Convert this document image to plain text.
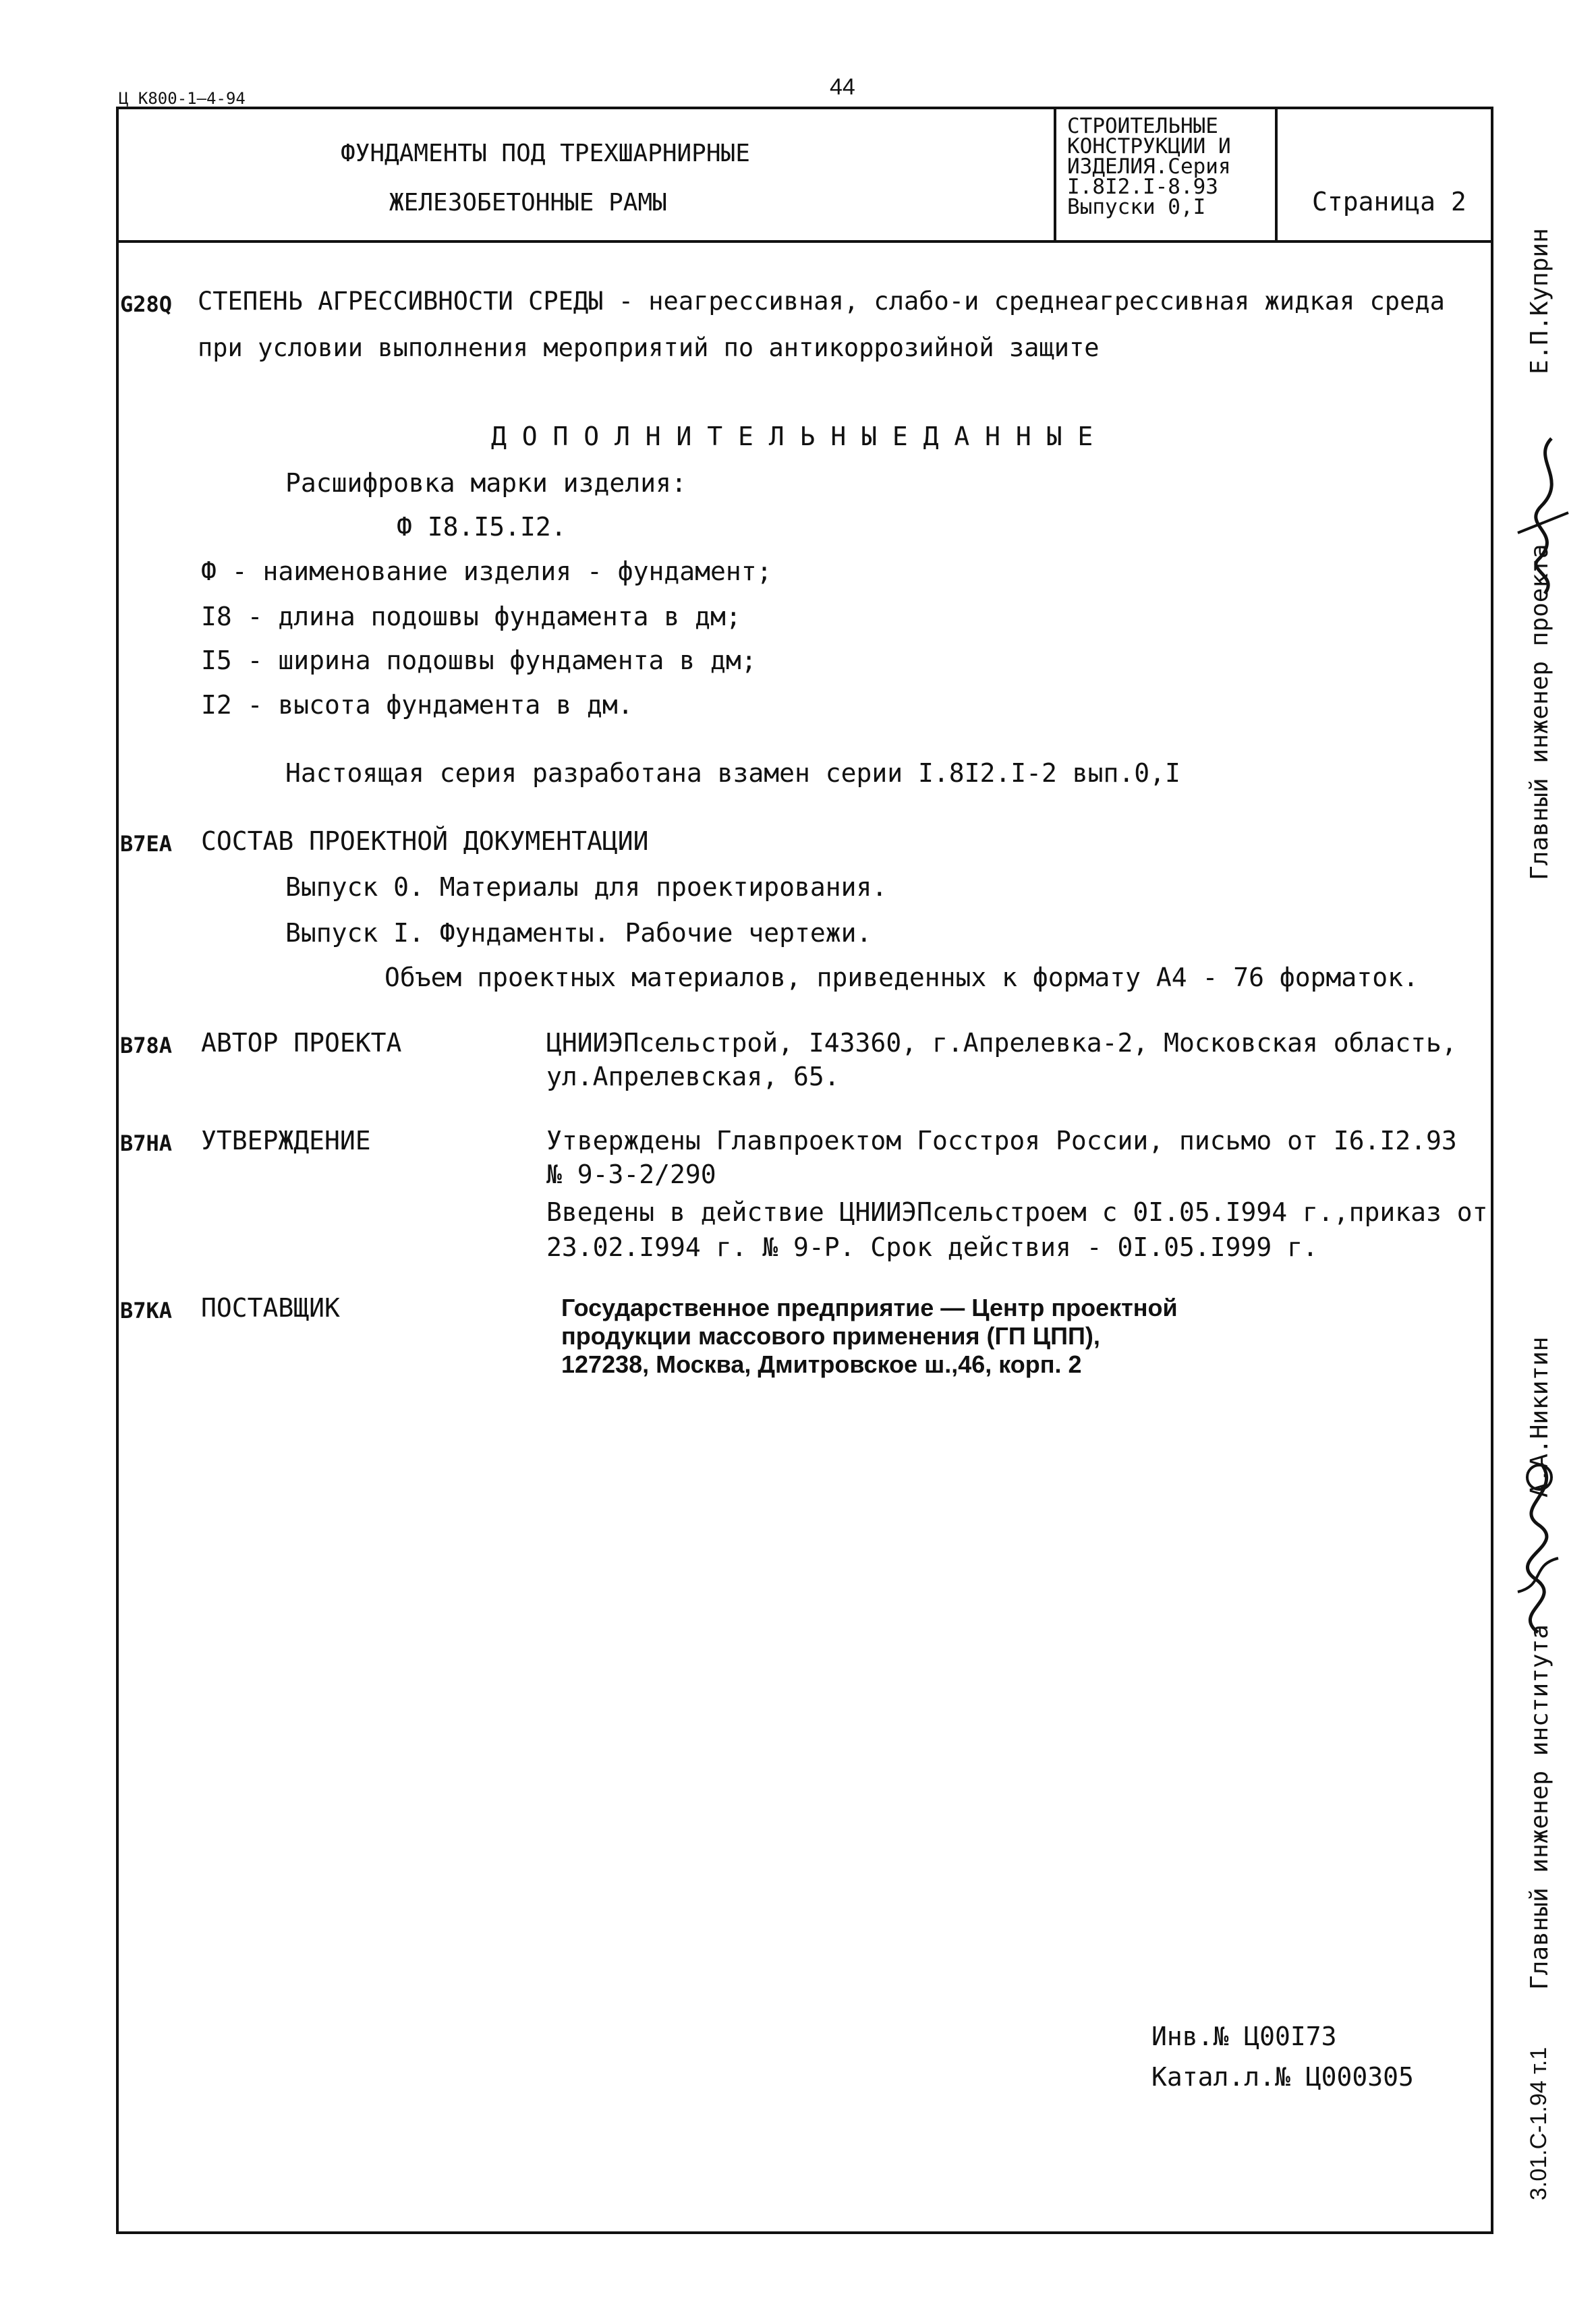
Ц К800-1—4-94	44
ФУНДАМЕНТЫ ПОД ТРЕХШАРНИРНЫЕ
ЖЕЛЕЗОБЕТОННЫЕ РАМЫ
СТРОИТЕЛЬНЫЕ
КОНСТРУКЦИИ И
ИЗДЕЛИЯ.Серия
I.8I2.I-8.93
Выпуски 0,I	Страница 2
G28Q СТЕПЕНЬ АГРЕССИВНОСТИ СРЕДЫ - неагрессивная, слабо-и среднеагрессивная жидкая среда
при условии выполнения мероприятий по антикоррозийной защите
Д О П О Л Н И Т Е Л Ь Н Ы Е Д А Н Н Ы Е
Расшифровка марки изделия:
Ф I8.I5.I2.
Ф - наименование изделия - фундамент;
I8 - длина подошвы фундамента в дм;
I5 - ширина подошвы фундамента в дм;
I2 - высота фундамента в дм.
Настоящая серия разработана взамен серии I.8I2.I-2 вып.0,I
B7EA СОСТАВ ПРОЕКТНОЙ ДОКУМЕНТАЦИИ
Выпуск 0. Материалы для проектирования.
Выпуск I. Фундаменты. Рабочие чертежи.
Объем проектных материалов, приведенных к формату А4 - 76 форматок.
B78A АВТОР ПРОЕКТА	ЦНИИЭПсельстрой, I43360, г.Апрелевка-2, Московская область,
ул.Апрелевская, 65.
B7HA УТВЕРЖДЕНИЕ	Утверждены Главпроектом Госстроя России, письмо от I6.I2.93
№ 9-3-2/290
Введены в действие ЦНИИЭПсельстроем с 0I.05.I994 г.,приказ от
23.02.I994 г. № 9-Р. Срок действия - 0I.05.I999 г.
B7KA ПОСТАВЩИК	Государственное предприятие — Центр проектной
продукции массового применения (ГП ЦПП),
127238, Москва, Дмитровское ш.,46, корп. 2
Инв.№ Ц00I73
Катал.л.№ Ц000305
Главный инженер проекта
Е.П.Куприн
Главный инженер института
А.А.Никитин
3.01.С-1.94 т.1
